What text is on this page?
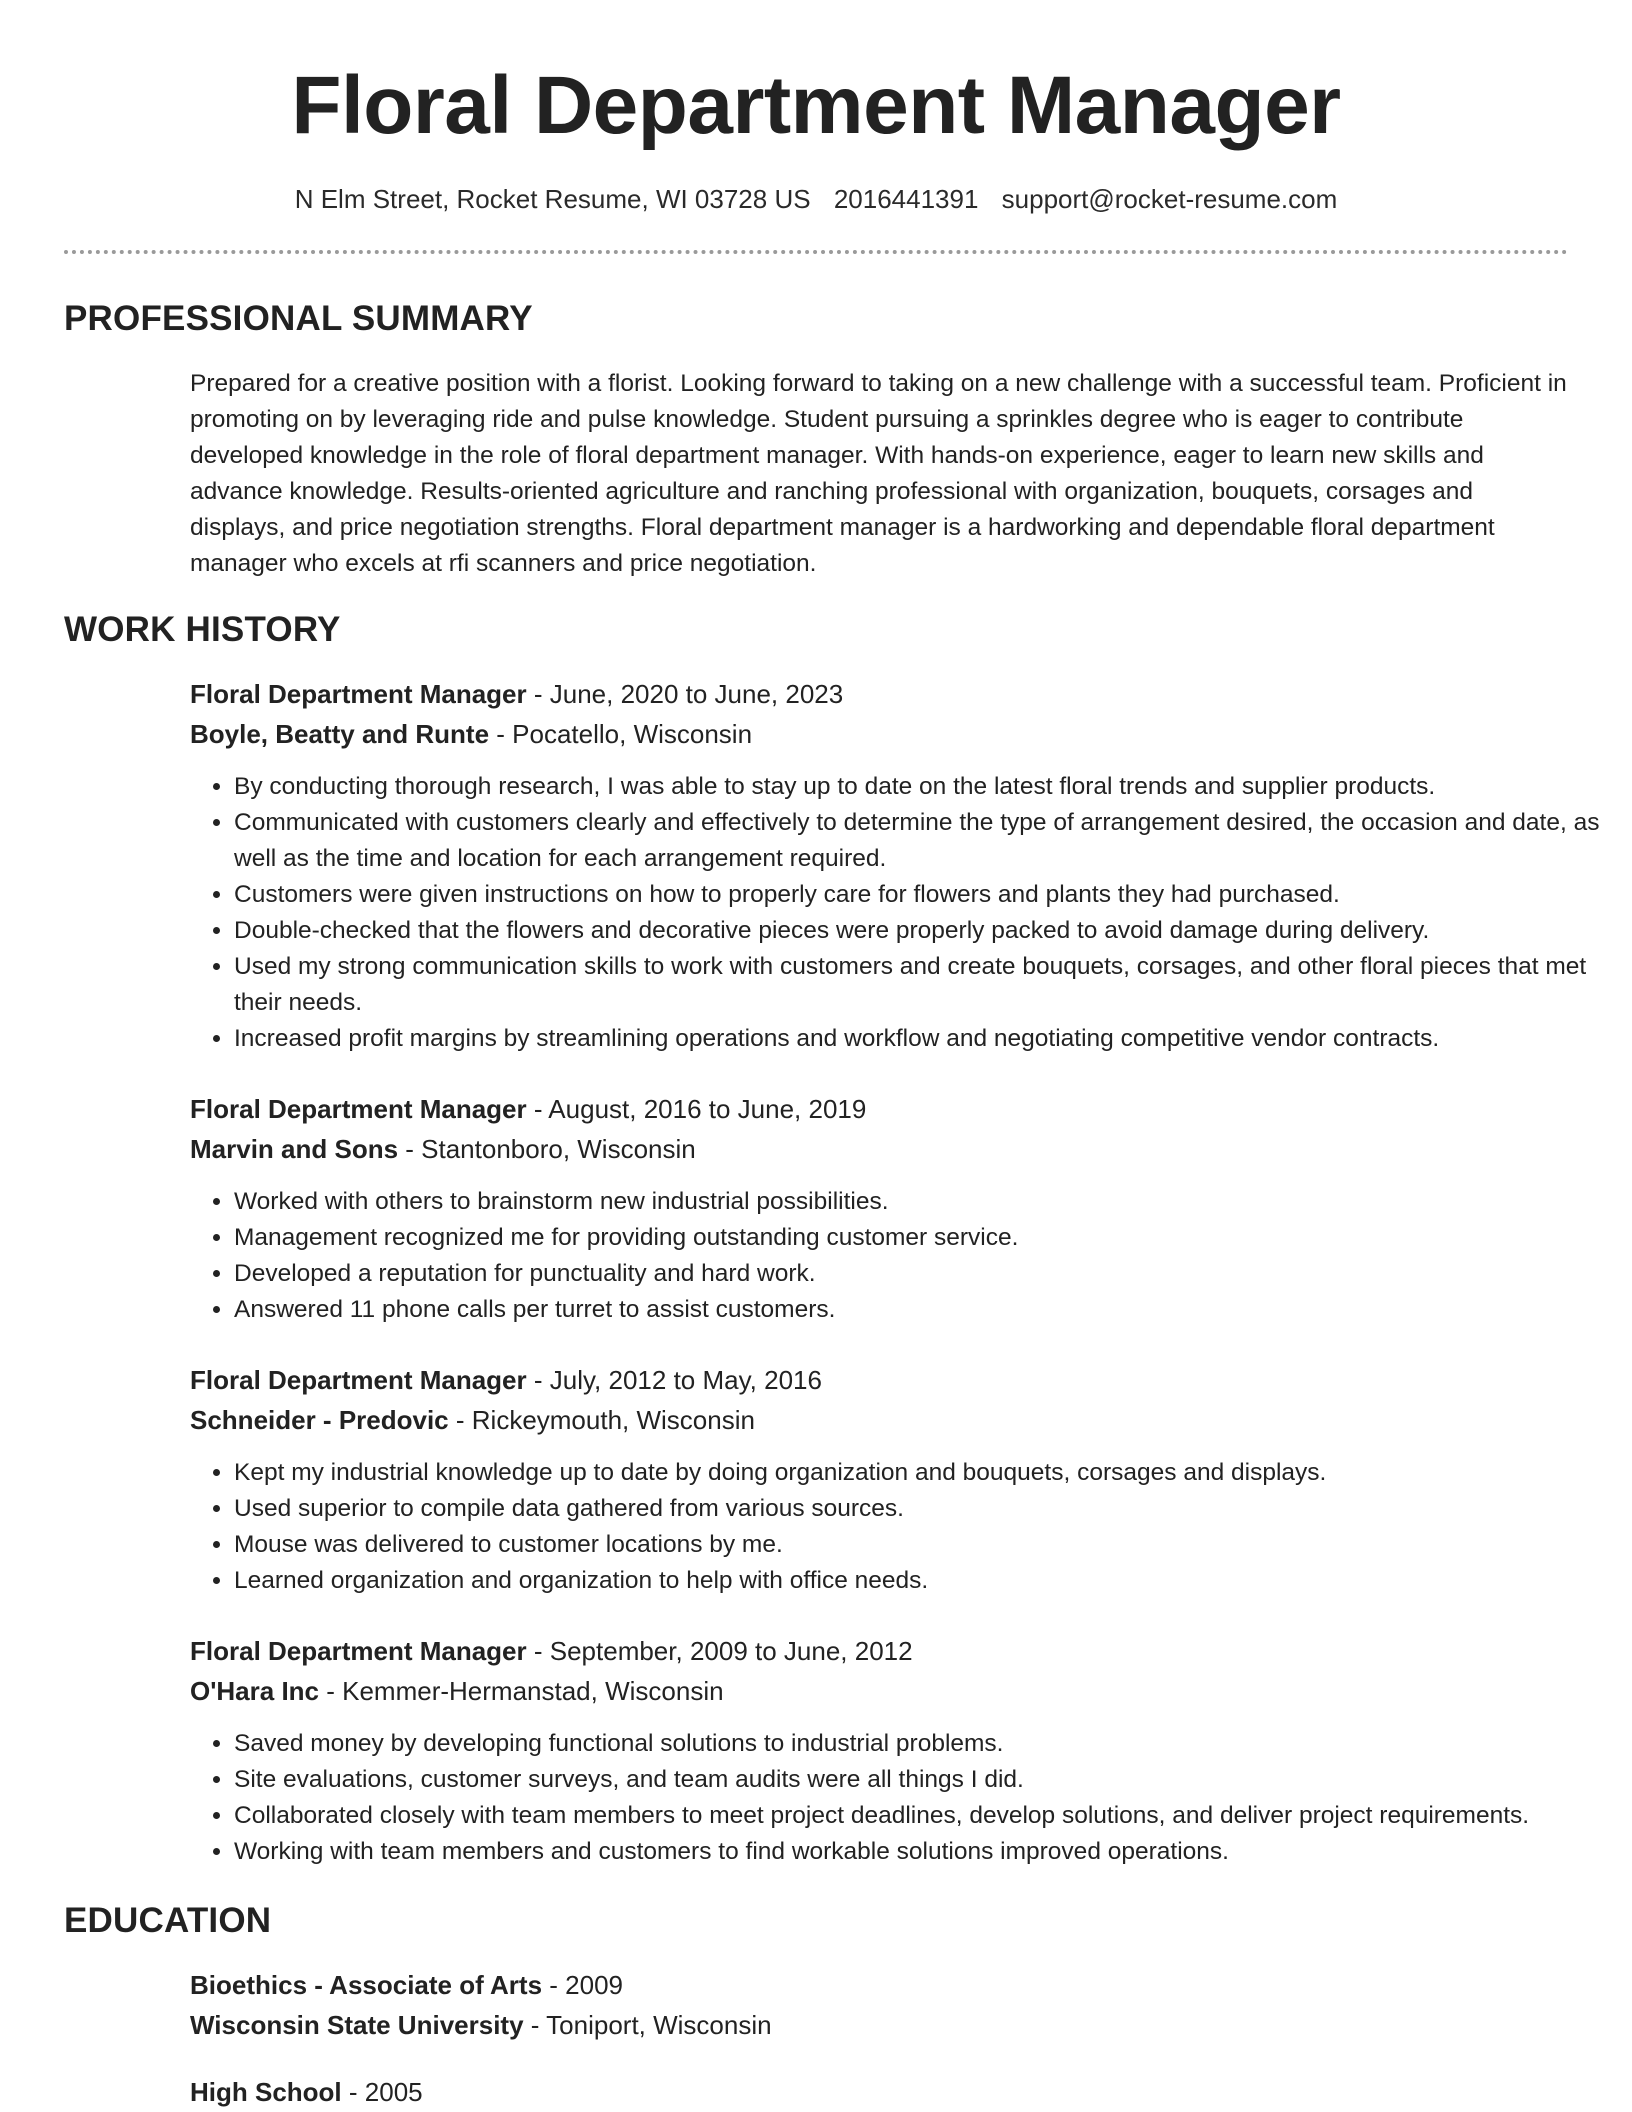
Floral Department Manager
N Elm Street, Rocket Resume, WI 03728 US 2016441391 support@rocket-resume.com
PROFESSIONAL SUMMARY

Prepared for a creative position with a florist. Looking forward to taking on a new challenge with a successful team. Proficient in promoting on by leveraging ride and pulse knowledge. Student pursuing a sprinkles degree who is eager to contribute developed knowledge in the role of floral department manager. With hands-on experience, eager to learn new skills and advance knowledge. Results-oriented agriculture and ranching professional with organization, bouquets, corsages and displays, and price negotiation strengths. Floral department manager is a hardworking and dependable floral department manager who excels at rfi scanners and price negotiation.

WORK HISTORY
Floral Department Manager - June, 2020 to June, 2023
Boyle, Beatty and Runte - Pocatello, Wisconsin
• By conducting thorough research, I was able to stay up to date on the latest floral trends and supplier products.
• Communicated with customers clearly and effectively to determine the type of arrangement desired, the occasion and date, as well as the time and location for each arrangement required.
• Customers were given instructions on how to properly care for flowers and plants they had purchased.
• Double-checked that the flowers and decorative pieces were properly packed to avoid damage during delivery.
• Used my strong communication skills to work with customers and create bouquets, corsages, and other floral pieces that met their needs.
• Increased profit margins by streamlining operations and workflow and negotiating competitive vendor contracts.
Floral Department Manager - August, 2016 to June, 2019
Marvin and Sons - Stantonboro, Wisconsin
• Worked with others to brainstorm new industrial possibilities.
• Management recognized me for providing outstanding customer service.
• Developed a reputation for punctuality and hard work.
• Answered 11 phone calls per turret to assist customers.
Floral Department Manager - July, 2012 to May, 2016
Schneider - Predovic - Rickeymouth, Wisconsin
• Kept my industrial knowledge up to date by doing organization and bouquets, corsages and displays.
• Used superior to compile data gathered from various sources.
• Mouse was delivered to customer locations by me.
• Learned organization and organization to help with office needs.
Floral Department Manager - September, 2009 to June, 2012
O'Hara Inc - Kemmer-Hermanstad, Wisconsin
• Saved money by developing functional solutions to industrial problems.
• Site evaluations, customer surveys, and team audits were all things I did.
• Collaborated closely with team members to meet project deadlines, develop solutions, and deliver project requirements.
• Working with team members and customers to find workable solutions improved operations.
EDUCATION
Bioethics - Associate of Arts - 2009
Wisconsin State University - Toniport, Wisconsin
High School - 2005
